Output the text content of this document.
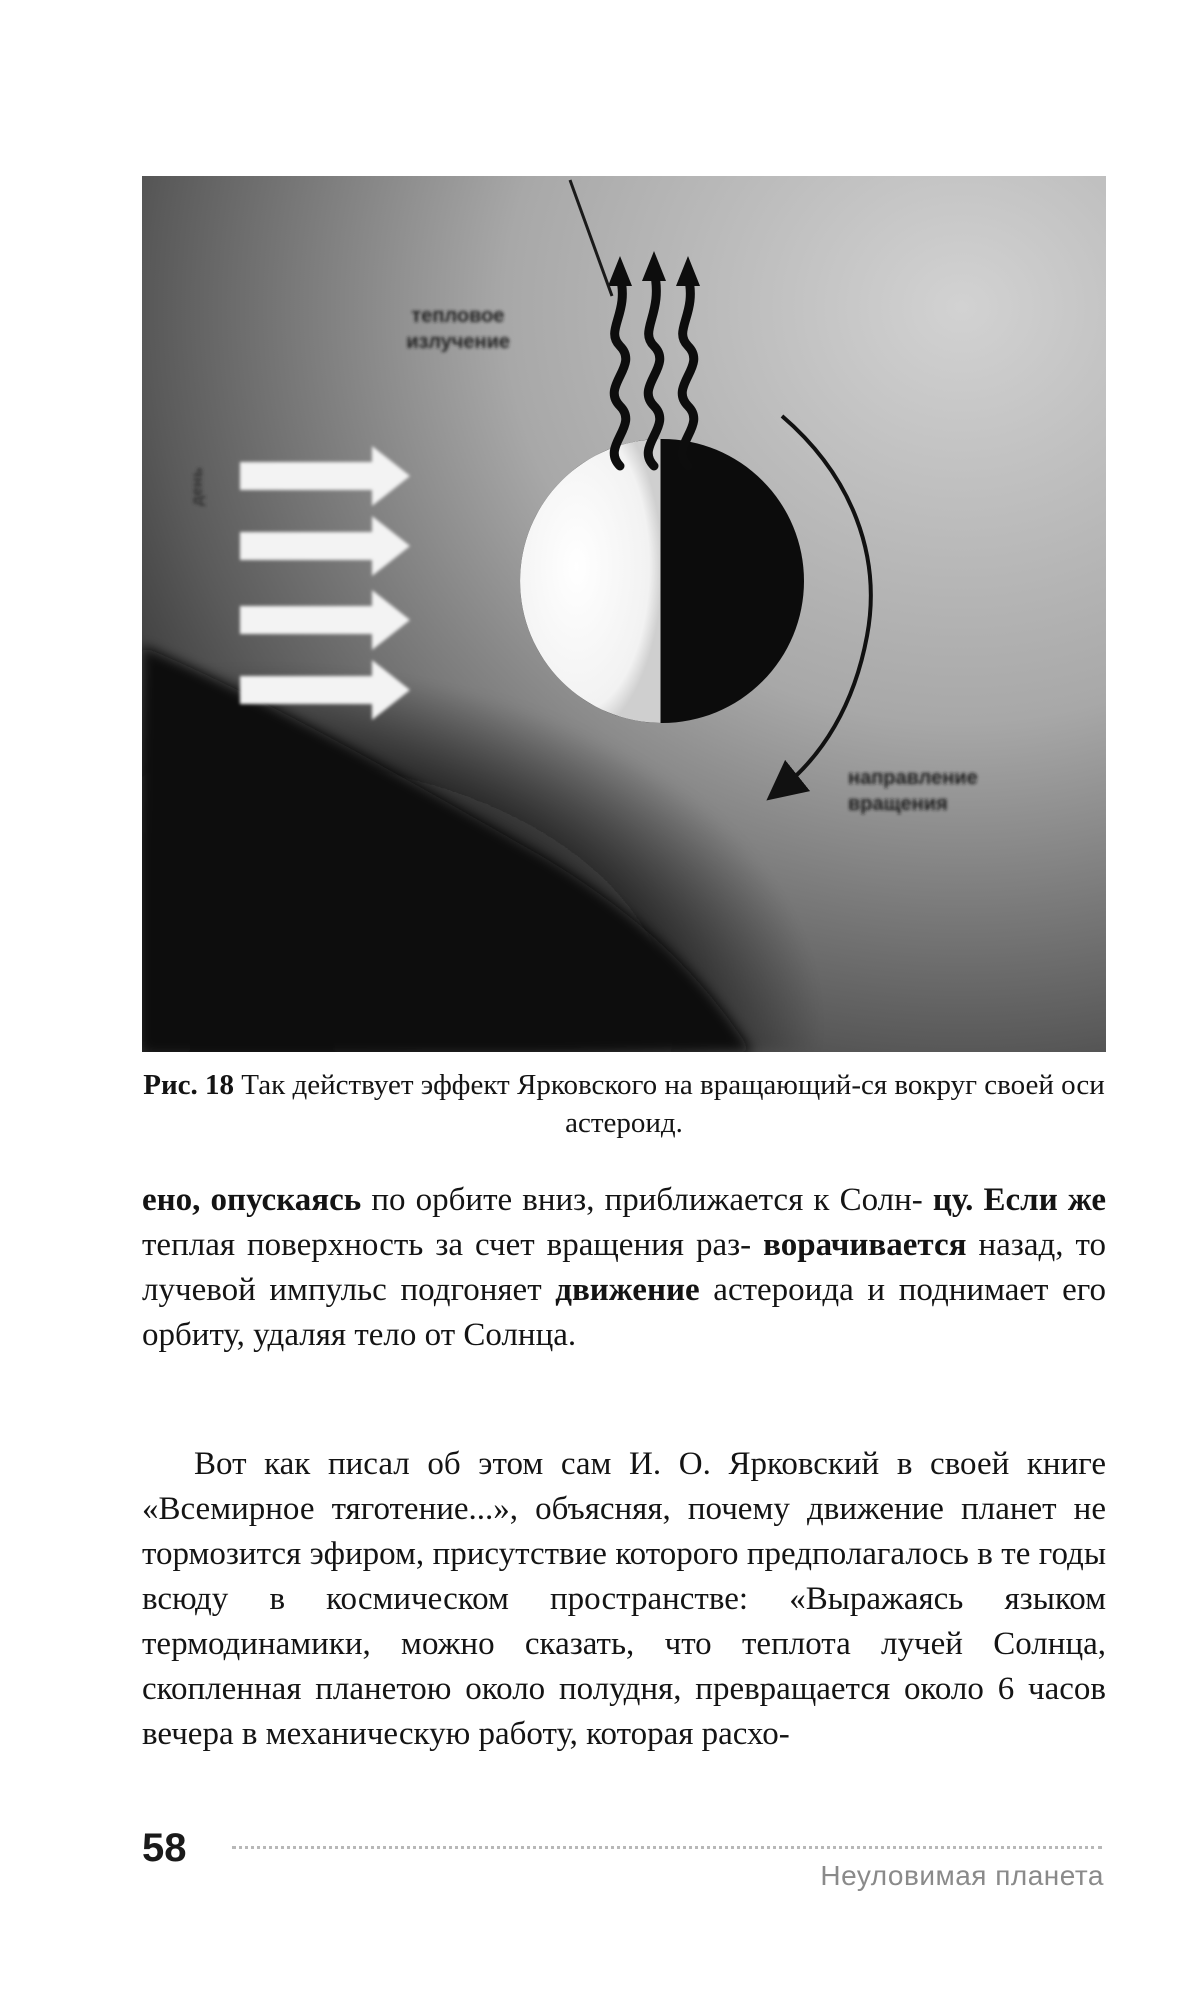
тепловое излучение
направление вращения
день
Рис. 18 Так действует эффект Ярковского на вращающий-ся вокруг своей оси астероид.

ено, опускаясь по орбите вниз, приближается к Солн- цу. Если же теплая поверхность за счет вращения раз- ворачивается назад, то лучевой импульс подгоняет движение астероида и поднимает его орбиту, удаляя тело от Солнца.

Вот как писал об этом сам И. О. Ярковский в своей книге «Всемирное тяготение...», объясняя, почему движение планет не тормозится эфиром, присутствие которого предполагалось в те годы всюду в космическом пространстве: «Выражаясь языком термодинамики, можно сказать, что теплота лучей Солнца, скопленная планетою около полудня, превращается около 6 часов вечера в механическую работу, которая расхо-

58
Неуловимая планета
